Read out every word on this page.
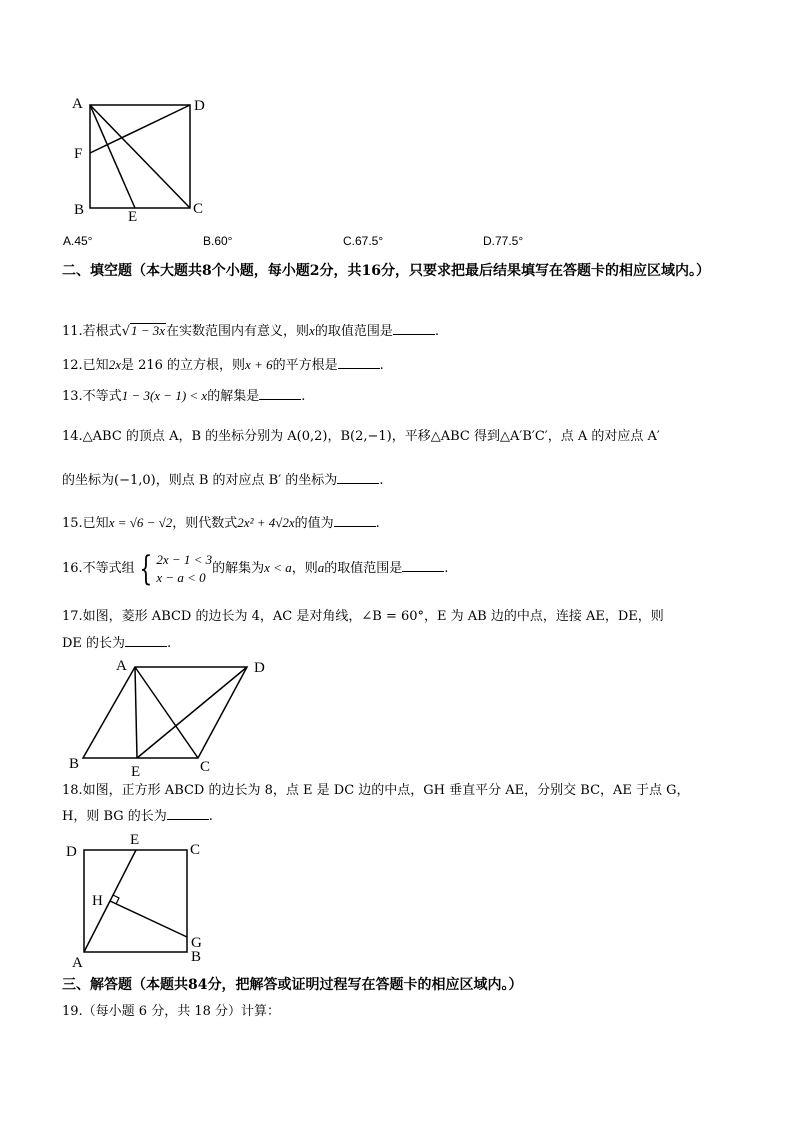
A	D
F
B	E	C
A.45°	B.60°	C.67.5°	D.77.5°
二、填空题（本大题共8个小题，每小题2分，共16分，只要求把最后结果填写在答题卡的相应区域内。）
11.若根式√1 − 3x在实数范围内有意义，则x的取值范围是	.
12.已知2x是 216 的立方根，则x + 6的平方根是	.
13.不等式1 − 3(x − 1) < x的解集是	.
14.△ABC 的顶点 A，B 的坐标分别为 A(0,2)，B(2,−1)，平移△ABC 得到△A′B′C′，点 A 的对应点 A′
的坐标为(−1,0)，则点 B 的对应点 B′ 的坐标为	.
15.已知x = √6 − √2，则代数式2x² + 4√2x的值为	.
16.不等式组 { 2x − 1 < 3
x − a < 0的解集为x < a，则a的取值范围是	.
17.如图，菱形 ABCD 的边长为 4，AC 是对角线，∠B = 60°，E 为 AB 边的中点，连接 AE，DE，则
DE 的长为	.
A	D
B	E	C
18.如图，正方形 ABCD 的边长为 8，点 E 是 DC 边的中点，GH 垂直平分 AE，分别交 BC，AE 于点 G，
H，则 BG 的长为	.
D
E
C
H
G
B
A
三、解答题（本题共84分，把解答或证明过程写在答题卡的相应区域内。）
19.（每小题 6 分，共 18 分）计算：
